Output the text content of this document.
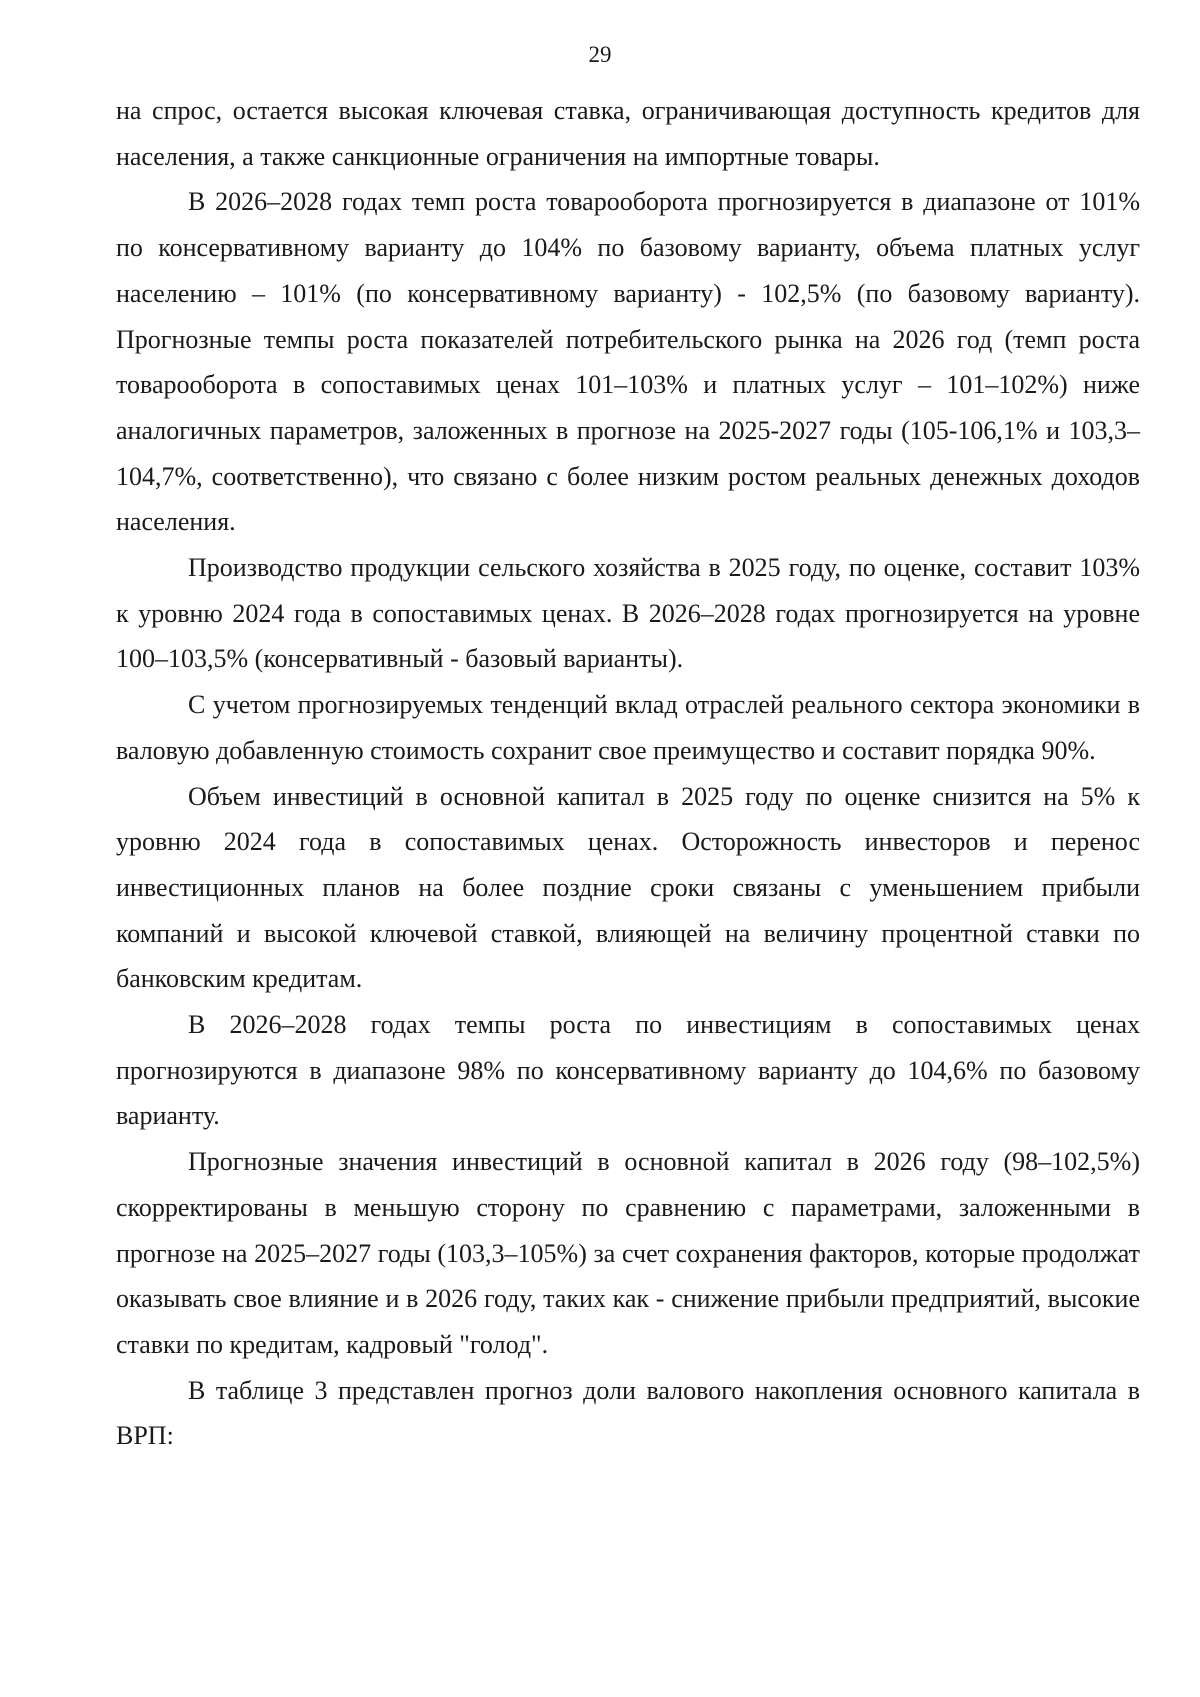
29

на спрос, остается высокая ключевая ставка, ограничивающая доступность кредитов для населения, а также санкционные ограничения на импортные товары.

В 2026–2028 годах темп роста товарооборота прогнозируется в диапазоне от 101% по консервативному варианту до 104% по базовому варианту, объема платных услуг населению – 101% (по консервативному варианту) - 102,5% (по базовому варианту). Прогнозные темпы роста показателей потребительского рынка на 2026 год (темп роста товарооборота в сопоставимых ценах 101–103% и платных услуг – 101–102%) ниже аналогичных параметров, заложенных в прогнозе на 2025-2027 годы (105-106,1% и 103,3–104,7%, соответственно), что связано с более низким ростом реальных денежных доходов населения.

Производство продукции сельского хозяйства в 2025 году, по оценке, составит 103% к уровню 2024 года в сопоставимых ценах. В 2026–2028 годах прогнозируется на уровне 100–103,5% (консервативный - базовый варианты).

С учетом прогнозируемых тенденций вклад отраслей реального сектора экономики в валовую добавленную стоимость сохранит свое преимущество и составит порядка 90%.

Объем инвестиций в основной капитал в 2025 году по оценке снизится на 5% к уровню 2024 года в сопоставимых ценах. Осторожность инвесторов и перенос инвестиционных планов на более поздние сроки связаны с уменьшением прибыли компаний и высокой ключевой ставкой, влияющей на величину процентной ставки по банковским кредитам.

В 2026–2028 годах темпы роста по инвестициям в сопоставимых ценах прогнозируются в диапазоне 98% по консервативному варианту до 104,6% по базовому варианту.

Прогнозные значения инвестиций в основной капитал в 2026 году (98–102,5%) скорректированы в меньшую сторону по сравнению с параметрами, заложенными в прогнозе на 2025–2027 годы (103,3–105%) за счет сохранения факторов, которые продолжат оказывать свое влияние и в 2026 году, таких как - снижение прибыли предприятий, высокие ставки по кредитам, кадровый "голод".

В таблице 3 представлен прогноз доли валового накопления основного капитала в ВРП:
